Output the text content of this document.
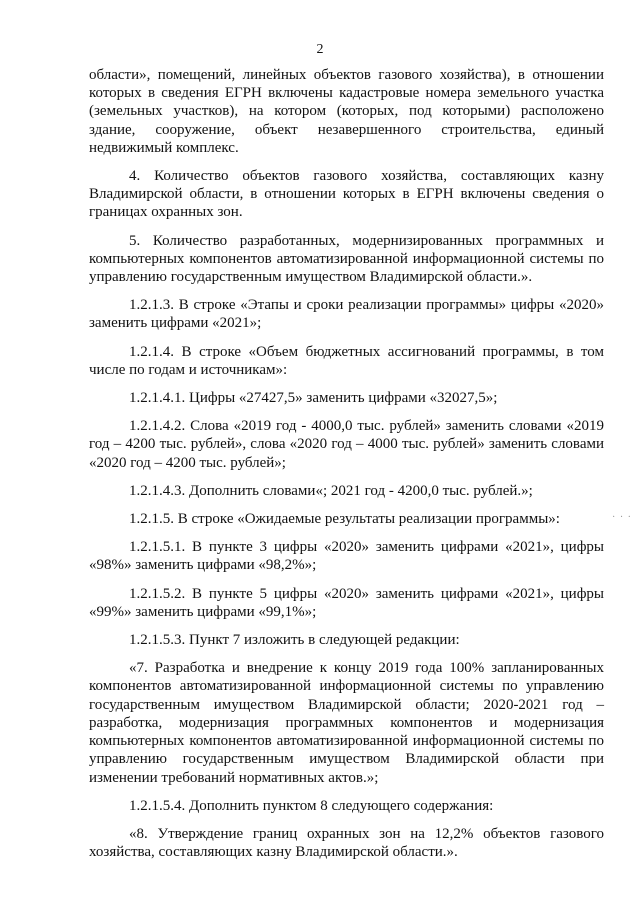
2

области», помещений, линейных объектов газового хозяйства), в отношении которых в сведения ЕГРН включены кадастровые номера земельного участка (земельных участков), на котором (которых, под которыми) расположено здание, сооружение, объект незавершенного строительства, единый недвижимый комплекс.

4. Количество объектов газового хозяйства, составляющих казну Владимирской области, в отношении которых в ЕГРН включены сведения о границах охранных зон.

5. Количество разработанных, модернизированных программных и компьютерных компонентов автоматизированной информационной системы по управлению государственным имуществом Владимирской области.».

1.2.1.3. В строке «Этапы и сроки реализации программы» цифры «2020» заменить цифрами «2021»;

1.2.1.4. В строке «Объем бюджетных ассигнований программы, в том числе по годам и источникам»:

1.2.1.4.1. Цифры «27427,5» заменить цифрами «32027,5»;

1.2.1.4.2. Слова «2019 год - 4000,0 тыс. рублей» заменить словами «2019 год – 4200 тыс. рублей», слова «2020 год – 4000 тыс. рублей» заменить словами «2020 год – 4200 тыс. рублей»;

1.2.1.4.3. Дополнить словами«; 2021 год - 4200,0 тыс. рублей.»;

1.2.1.5. В строке «Ожидаемые результаты реализации программы»:

1.2.1.5.1. В пункте 3 цифры «2020» заменить цифрами «2021», цифры «98%» заменить цифрами «98,2%»;

1.2.1.5.2. В пункте 5 цифры «2020» заменить цифрами «2021», цифры «99%» заменить цифрами «99,1%»;

1.2.1.5.3. Пункт 7 изложить в следующей редакции:

«7. Разработка и внедрение к концу 2019 года 100% запланированных компонентов автоматизированной информационной системы по управлению государственным имуществом Владимирской области; 2020-2021 год – разработка, модернизация программных компонентов и модернизация компьютерных компонентов автоматизированной информационной системы по управлению государственным имуществом Владимирской области при изменении требований нормативных актов.»;

1.2.1.5.4. Дополнить пунктом 8 следующего содержания:

«8. Утверждение границ охранных зон на 12,2% объектов газового хозяйства, составляющих казну Владимирской области.».

· · ·
